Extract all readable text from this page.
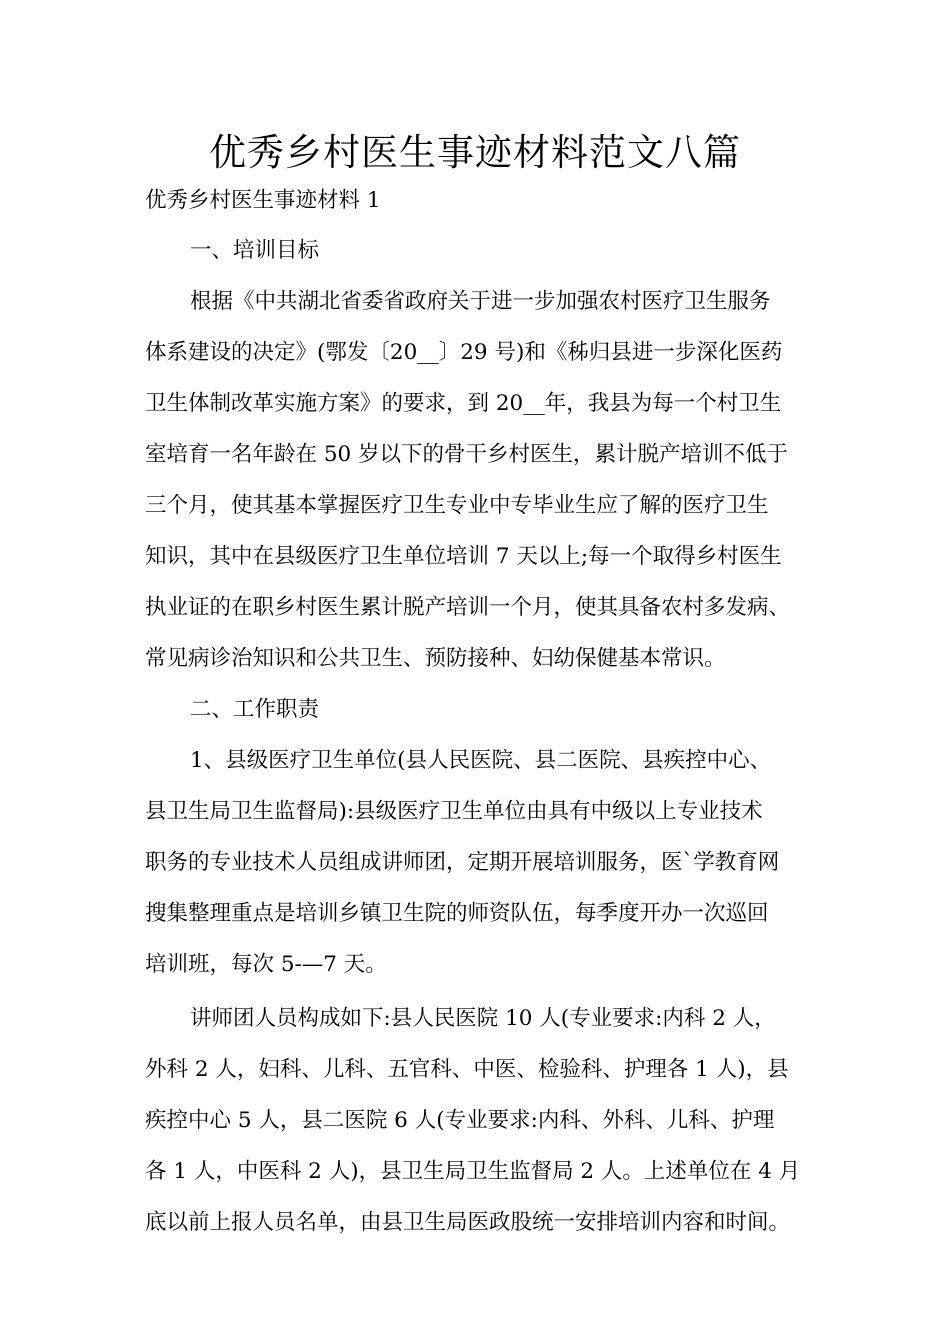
优秀乡村医生事迹材料范文八篇

优秀乡村医生事迹材料 1

一、培训目标

根据《中共湖北省委省政府关于进一步加强农村医疗卫生服务

体系建设的决定》(鄂发〔20__〕29 号)和《秭归县进一步深化医药

卫生体制改革实施方案》的要求，到 20__年，我县为每一个村卫生

室培育一名年龄在 50 岁以下的骨干乡村医生，累计脱产培训不低于

三个月，使其基本掌握医疗卫生专业中专毕业生应了解的医疗卫生

知识，其中在县级医疗卫生单位培训 7 天以上;每一个取得乡村医生

执业证的在职乡村医生累计脱产培训一个月，使其具备农村多发病、

常见病诊治知识和公共卫生、预防接种、妇幼保健基本常识。

二、工作职责

1、县级医疗卫生单位(县人民医院、县二医院、县疾控中心、

县卫生局卫生监督局):县级医疗卫生单位由具有中级以上专业技术

职务的专业技术人员组成讲师团，定期开展培训服务，医`学教育网

搜集整理重点是培训乡镇卫生院的师资队伍，每季度开办一次巡回

培训班，每次 5-—7 天。

讲师团人员构成如下:县人民医院 10 人(专业要求:内科 2 人，

外科 2 人，妇科、儿科、五官科、中医、检验科、护理各 1 人)，县

疾控中心 5 人，县二医院 6 人(专业要求:内科、外科、儿科、护理

各 1 人，中医科 2 人)，县卫生局卫生监督局 2 人。上述单位在 4 月

底以前上报人员名单，由县卫生局医政股统一安排培训内容和时间。
